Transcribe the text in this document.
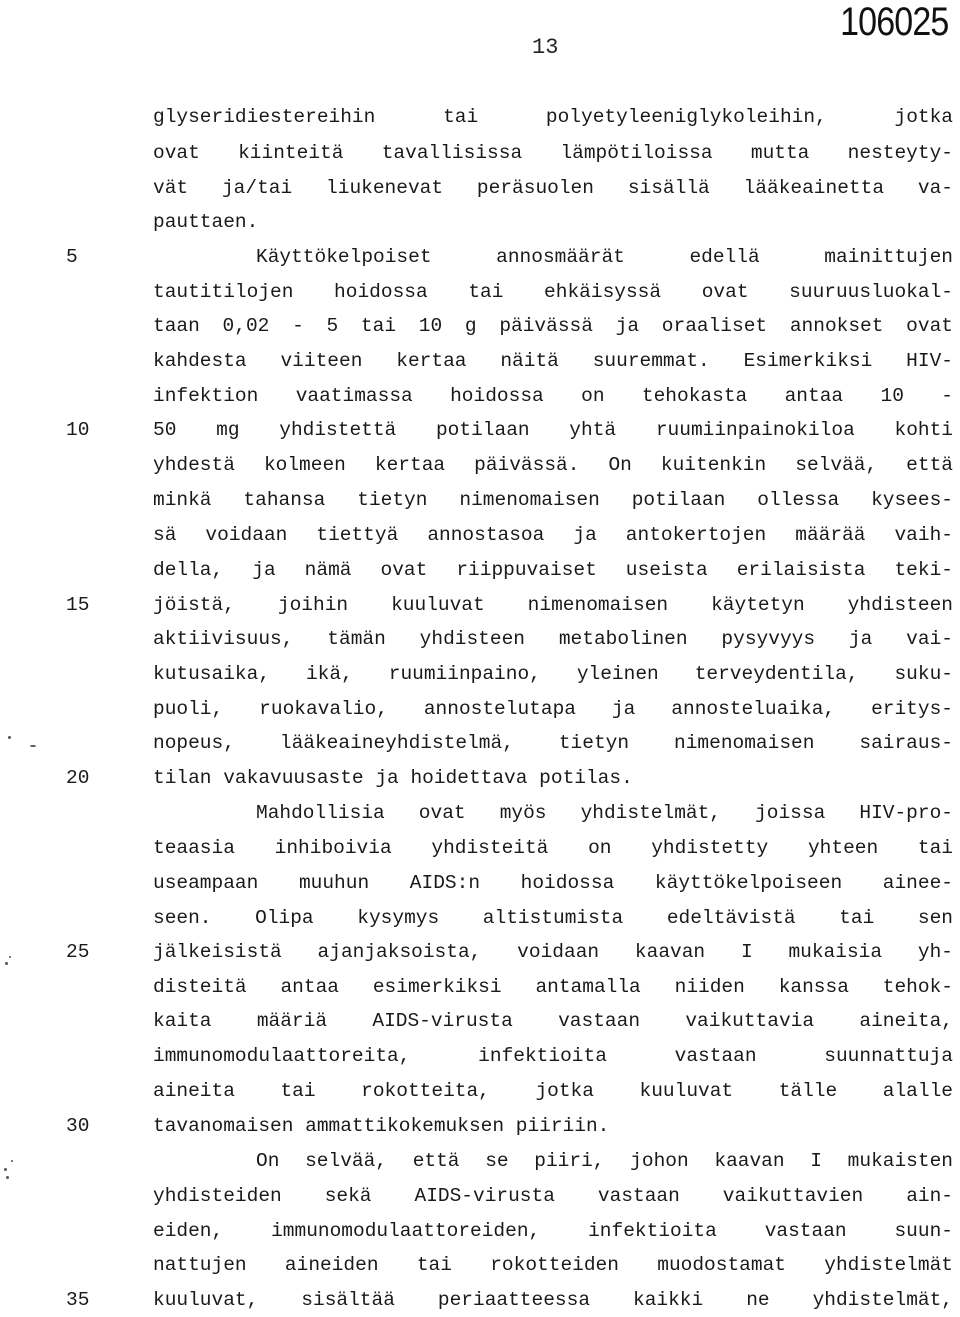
106025
13
glyseridiestereihin tai polyetyleeniglykoleihin, jotka
ovat kiinteitä tavallisissa lämpötiloissa mutta nesteyty-
vät ja/tai liukenevat peräsuolen sisällä lääkeainetta va-
pauttaen.
Käyttökelpoiset annosmäärät edellä mainittujen
tautitilojen hoidossa tai ehkäisyssä ovat suuruusluokal-
taan 0,02 - 5 tai 10 g päivässä ja oraaliset annokset ovat
kahdesta viiteen kertaa näitä suuremmat. Esimerkiksi HIV-
infektion vaatimassa hoidossa on tehokasta antaa 10 -
50 mg yhdistettä potilaan yhtä ruumiinpainokiloa kohti
yhdestä kolmeen kertaa päivässä. On kuitenkin selvää, että
minkä tahansa tietyn nimenomaisen potilaan ollessa kysees-
sä voidaan tiettyä annostasoa ja antokertojen määrää vaih-
della, ja nämä ovat riippuvaiset useista erilaisista teki-
jöistä, joihin kuuluvat nimenomaisen käytetyn yhdisteen
aktiivisuus, tämän yhdisteen metabolinen pysyvyys ja vai-
kutusaika, ikä, ruumiinpaino, yleinen terveydentila, suku-
puoli, ruokavalio, annostelutapa ja annosteluaika, eritys-
nopeus, lääkeaineyhdistelmä, tietyn nimenomaisen sairaus-
tilan vakavuusaste ja hoidettava potilas.
Mahdollisia ovat myös yhdistelmät, joissa HIV-pro-
teaasia inhiboivia yhdisteitä on yhdistetty yhteen tai
useampaan muuhun AIDS:n hoidossa käyttökelpoiseen ainee-
seen. Olipa kysymys altistumista edeltävistä tai sen
jälkeisistä ajanjaksoista, voidaan kaavan I mukaisia yh-
disteitä antaa esimerkiksi antamalla niiden kanssa tehok-
kaita määriä AIDS-virusta vastaan vaikuttavia aineita,
immunomodulaattoreita, infektioita vastaan suunnattuja
aineita tai rokotteita, jotka kuuluvat tälle alalle
tavanomaisen ammattikokemuksen piiriin.
On selvää, että se piiri, johon kaavan I mukaisten
yhdisteiden sekä AIDS-virusta vastaan vaikuttavien ain-
eiden, immunomodulaattoreiden, infektioita vastaan suun-
nattujen aineiden tai rokotteiden muodostamat yhdistelmät
kuuluvat, sisältää periaatteessa kaikki ne yhdistelmät,
5
10
15
20
25
30
35
